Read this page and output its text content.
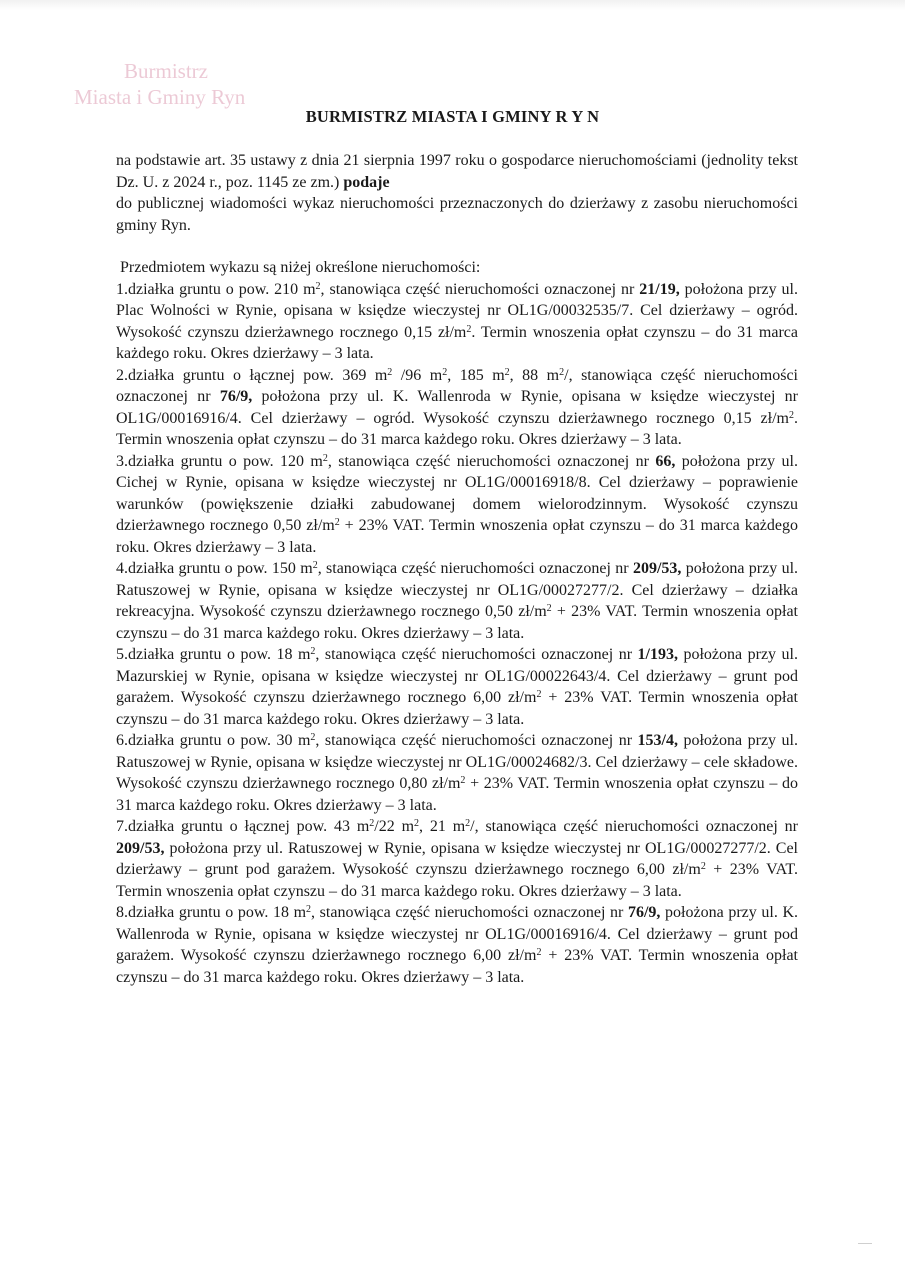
Burmistrz
Miasta i Gminy Ryn
BURMISTRZ MIASTA I GMINY R Y N

na podstawie art. 35 ustawy z dnia 21 sierpnia 1997 roku o gospodarce nieruchomościami (jednolity tekst Dz. U. z 2024 r., poz. 1145 ze zm.) podaje

do publicznej wiadomości wykaz nieruchomości przeznaczonych do dzierżawy z zasobu nieruchomości gminy Ryn.

Przedmiotem wykazu są niżej określone nieruchomości:

1.działka gruntu o pow. 210 $m^2$, stanowiąca część nieruchomości oznaczonej nr 21/19, położona przy ul. Plac Wolności w Rynie, opisana w księdze wieczystej nr OL1G/00032535/7. Cel dzierżawy – ogród. Wysokość czynszu dzierżawnego rocznego 0,15 $zł/m^2$. Termin wnoszenia opłat czynszu – do 31 marca każdego roku. Okres dzierżawy – 3 lata.

2.działka gruntu o łącznej pow. 369 $m^2$ /96 $m^2$, 185 $m^2$, 88 $m^2/$, stanowiąca część nieruchomości oznaczonej nr 76/9, położona przy ul. K. Wallenroda w Rynie, opisana w księdze wieczystej nr OL1G/00016916/4. Cel dzierżawy – ogród. Wysokość czynszu dzierżawnego rocznego 0,15 $zł/m^2$. Termin wnoszenia opłat czynszu – do 31 marca każdego roku. Okres dzierżawy – 3 lata.

3.działka gruntu o pow. 120 $m^2$, stanowiąca część nieruchomości oznaczonej nr 66, położona przy ul. Cichej w Rynie, opisana w księdze wieczystej nr OL1G/00016918/8. Cel dzierżawy – poprawienie warunków (powiększenie działki zabudowanej domem wielorodzinnym. Wysokość czynszu dzierżawnego rocznego 0,50 $zł/m^2 + 23\%$ VAT. Termin wnoszenia opłat czynszu – do 31 marca każdego roku. Okres dzierżawy – 3 lata.

4.działka gruntu o pow. 150 $m^2$, stanowiąca część nieruchomości oznaczonej nr 209/53, położona przy ul. Ratuszowej w Rynie, opisana w księdze wieczystej nr OL1G/00027277/2. Cel dzierżawy – działka rekreacyjna. Wysokość czynszu dzierżawnego rocznego 0,50 $zł/m^2 + 23\%$ VAT. Termin wnoszenia opłat czynszu – do 31 marca każdego roku. Okres dzierżawy – 3 lata.

5.działka gruntu o pow. 18 $m^2$, stanowiąca część nieruchomości oznaczonej nr 1/193, położona przy ul. Mazurskiej w Rynie, opisana w księdze wieczystej nr OL1G/00022643/4. Cel dzierżawy – grunt pod garażem. Wysokość czynszu dzierżawnego rocznego 6,00 $zł/m^2 + 23\%$ VAT. Termin wnoszenia opłat czynszu – do 31 marca każdego roku. Okres dzierżawy – 3 lata.

6.działka gruntu o pow. 30 $m^2$, stanowiąca część nieruchomości oznaczonej nr 153/4, położona przy ul. Ratuszowej w Rynie, opisana w księdze wieczystej nr OL1G/00024682/3. Cel dzierżawy – cele składowe. Wysokość czynszu dzierżawnego rocznego 0,80 $zł/m^2 + 23\%$ VAT. Termin wnoszenia opłat czynszu – do 31 marca każdego roku. Okres dzierżawy – 3 lata.

7.działka gruntu o łącznej pow. 43 $m^2/22$ $m^2$, 21 $m^2/$, stanowiąca część nieruchomości oznaczonej nr 209/53, położona przy ul. Ratuszowej w Rynie, opisana w księdze wieczystej nr OL1G/00027277/2. Cel dzierżawy – grunt pod garażem. Wysokość czynszu dzierżawnego rocznego 6,00 $zł/m^2 + 23\%$ VAT. Termin wnoszenia opłat czynszu – do 31 marca każdego roku. Okres dzierżawy – 3 lata.

8.działka gruntu o pow. 18 $m^2$, stanowiąca część nieruchomości oznaczonej nr 76/9, położona przy ul. K. Wallenroda w Rynie, opisana w księdze wieczystej nr OL1G/00016916/4. Cel dzierżawy – grunt pod garażem. Wysokość czynszu dzierżawnego rocznego 6,00 $zł/m^2 + 23\%$ VAT. Termin wnoszenia opłat czynszu – do 31 marca każdego roku. Okres dzierżawy – 3 lata.
